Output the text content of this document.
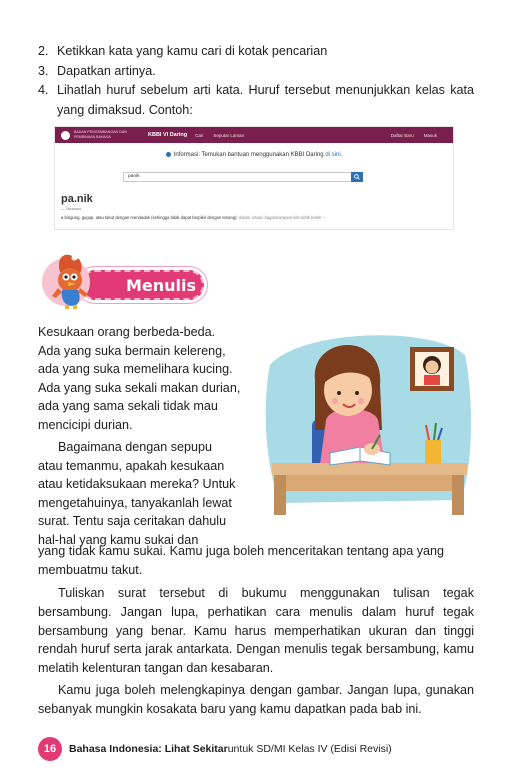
2. Ketikkan kata yang kamu cari di kotak pencarian
3. Dapatkan artinya.
4. Lihatlah huruf sebelum arti kata. Huruf tersebut menunjukkan kelas kata yang dimaksud. Contoh:
BADAN PENGEMBANGAN DAN PEMBINAAN BAHASA	KBBI VI Daring Cari Seputar Laman	Daftar Baru Masuk
Informasi: Temukan bantuan menggunakan KBBI Daring di sini.
panik
pa.nik
— Tesaurus
a bingung, gugup, atau takut dengan mendadak (sehingga tidak dapat berpikir dengan tenang): dalam situasi bagaimanapun kita tidak boleh —
Menulis
Kesukaan orang berbeda-beda.
Ada yang suka bermain kelereng,
ada yang suka memelihara kucing.
Ada yang suka sekali makan durian,
ada yang sama sekali tidak mau
mencicipi durian.
Bagaimana dengan sepupu
atau temanmu, apakah kesukaan
atau ketidaksukaan mereka? Untuk
mengetahuinya, tanyakanlah lewat
surat. Tentu saja ceritakan dahulu
hal-hal yang kamu sukai dan
yang tidak kamu sukai. Kamu juga boleh menceritakan tentang apa yang
membuatmu takut.
Tuliskan surat tersebut di bukumu menggunakan tulisan tegak bersambung. Jangan lupa, perhatikan cara menulis dalam huruf tegak bersambung yang benar. Kamu harus memperhatikan ukuran dan tinggi rendah huruf serta jarak antarkata. Dengan menulis tegak bersambung, kamu melatih kelenturan tangan dan kesabaran.
Kamu juga boleh melengkapinya dengan gambar. Jangan lupa, gunakan sebanyak mungkin kosakata baru yang kamu dapatkan pada bab ini.
16	Bahasa Indonesia: Lihat Sekitar untuk SD/MI Kelas IV (Edisi Revisi)
